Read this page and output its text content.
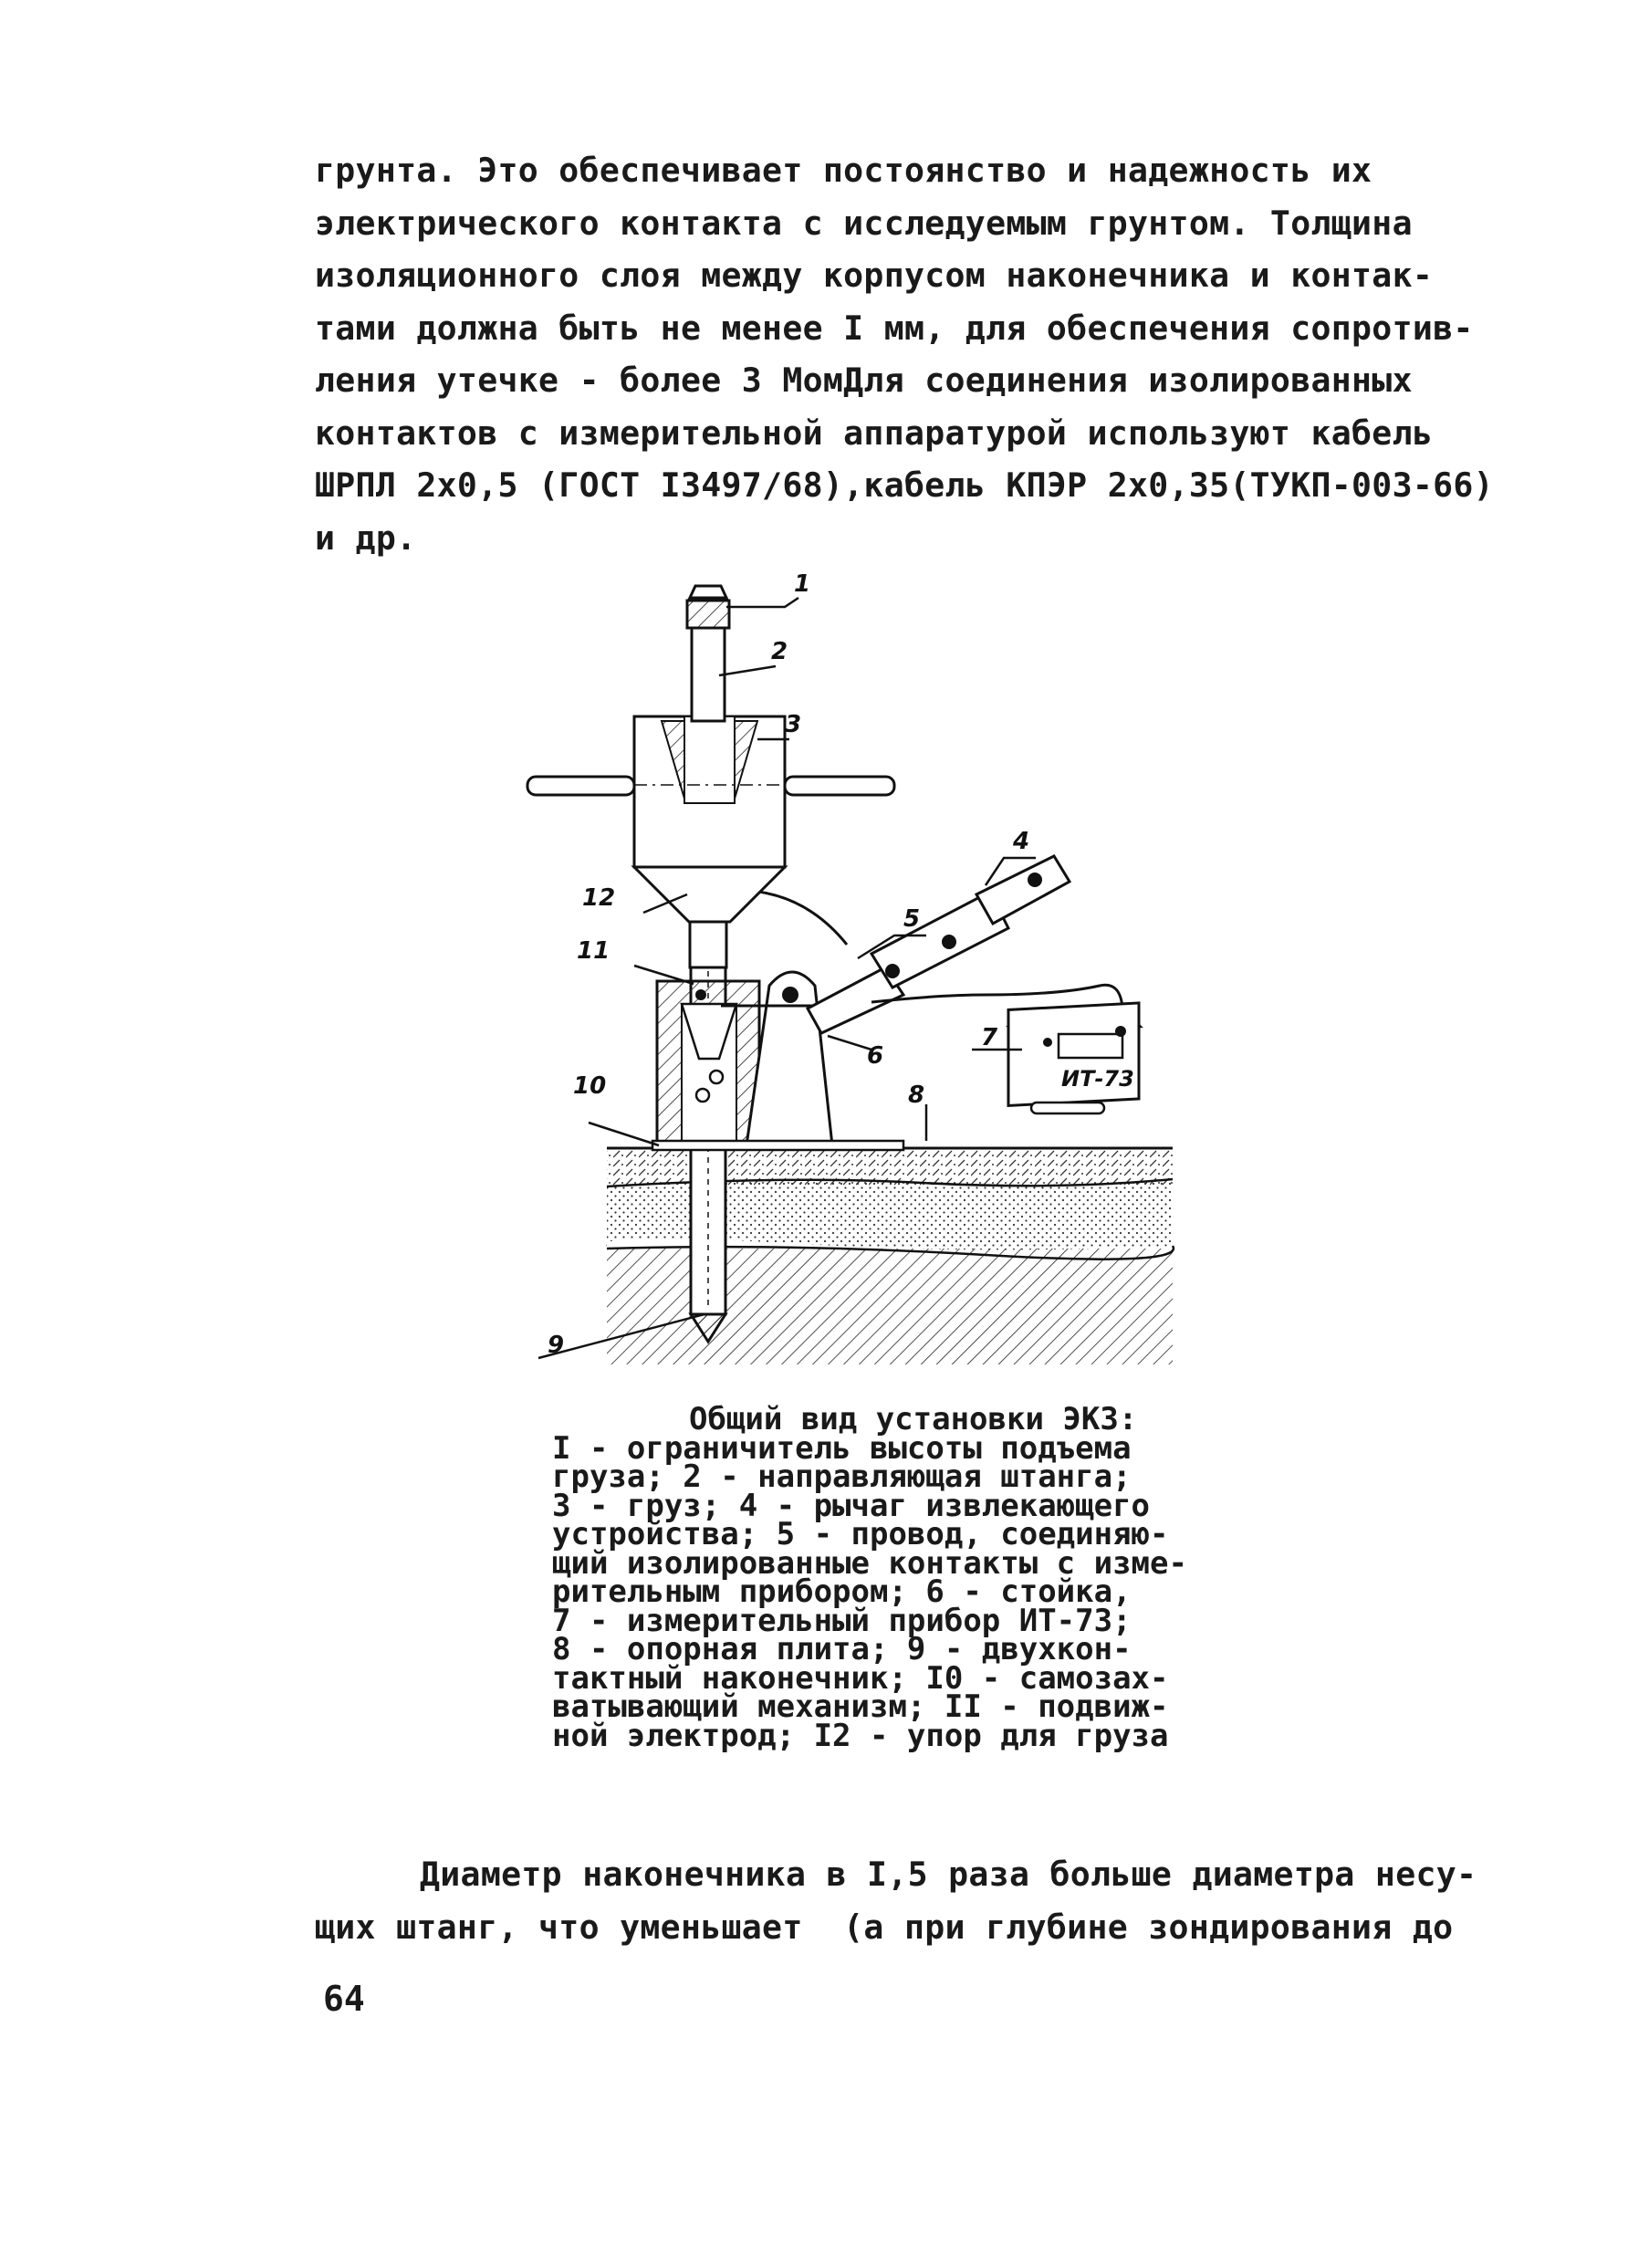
грунта. Это обеспечивает постоянство и надежность их
электрического контакта с исследуемым грунтом. Толщина
изоляционного слоя между корпусом наконечника и контак-
тами должна быть не менее I мм, для обеспечения сопротив-
ления утечке - более 3 МомДля соединения изолированных
контактов с измерительной аппаратурой используют кабель
ШРПЛ 2х0,5 (ГОСТ I3497/68),кабель КПЭР 2х0,35(ТУКП-003-66)
и др.
ИТ-73
1
2
3
4
5
6
7
8
9
10
11
12
Общий вид установки ЭКЗ:
I - ограничитель высоты подъема
груза; 2 - направляющая штанга;
3 - груз; 4 - рычаг извлекающего
устройства; 5 - провод, соединяю-
щий изолированные контакты с изме-
рительным прибором; 6 - стойка,
7 - измерительный прибор ИТ-73;
8 - опорная плита; 9 - двухкон-
тактный наконечник; I0 - самозах-
ватывающий механизм; II - подвиж-
ной электрод; I2 - упор для груза
Диаметр наконечника в I,5 раза больше диаметра несу-
щих штанг, что уменьшает  (а при глубине зондирования до
64
